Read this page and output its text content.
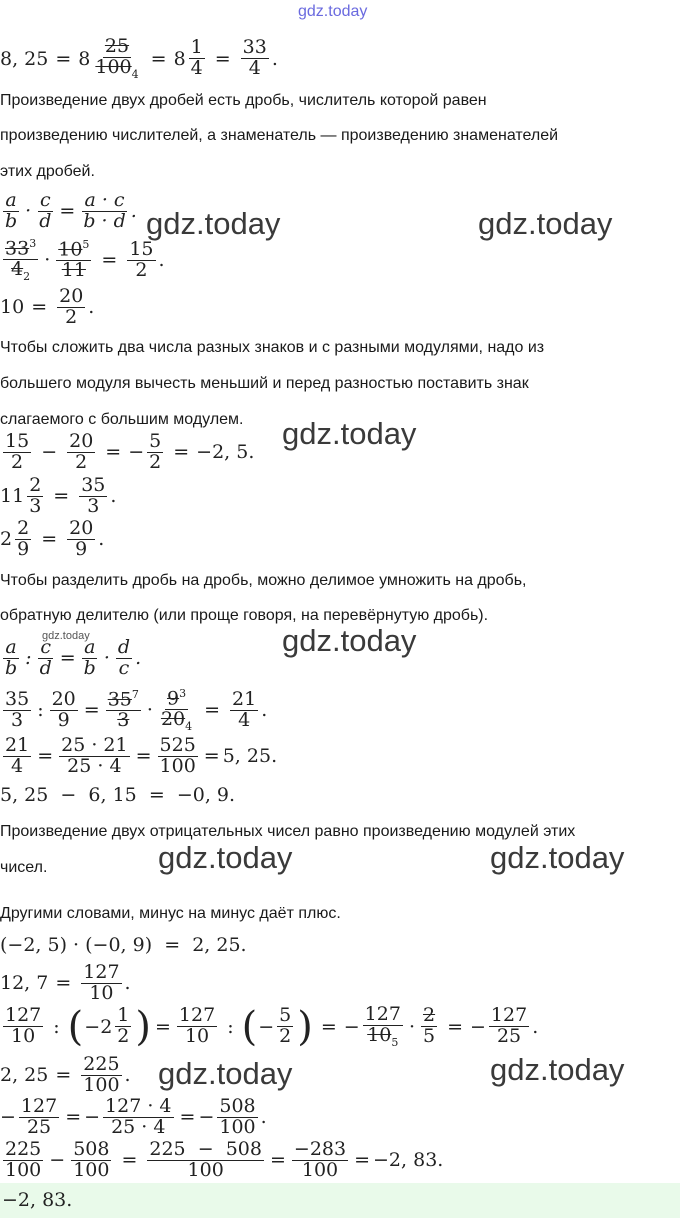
gdz.today
gdz.today	gdz.today
gdz.today
gdz.today	gdz.today
gdz.today	gdz.today
gdz.today	gdz.today
8, $25 = 8 \frac{25}{100_4} = 8 \frac{1}{4} = \frac{33}{4}$ .
Произведение двух дробей есть дробь, числитель которой равен
произведению числителей, а знаменатель — произведению знаменателей
этих дробей.
$\frac{a}{b} \cdot \frac{c}{d} = \frac{a \cdot c}{b \cdot d}$ .
$\frac{33^3}{4_2} \cdot \frac{10^5}{11} = \frac{15}{2}$ .
$10 = \frac{20}{2}$ .
Чтобы сложить два числа разных знаков и с разными модулями, надо из
большего модуля вычесть меньший и перед разностью поставить знак
слагаемого с большим модулем.
$\frac{15}{2} - \frac{20}{2}$ = − $\frac{5}{2} = -2$, 5 .
$11 \frac{2}{3} = \frac{35}{3}$ .
$2 \frac{2}{9} = \frac{20}{9}$ .
Чтобы разделить дробь на дробь, можно делимое умножить на дробь,
обратную делителю (или проще говоря, на перевёрнутую дробь).
$\frac{a}{b}$ : $\frac{c}{d} = \frac{a}{b} \cdot \frac{d}{c}$ .
$\frac{35}{3}$ : $\frac{20}{9} = \frac{35^7}{3} \cdot \frac{9^3}{20_4} = \frac{21}{4}$ .
$\frac{21}{4} = \frac{25 \cdot 21}{25 \cdot 4} = \frac{525}{100} = 5$, 25 .
5, 25  −  6, 15  =  −0, 9.
Произведение двух отрицательных чисел равно произведению модулей этих
чисел.
Другими словами, минус на минус даёт плюс.
(−2, 5) · (−0, 9)  =  2, 25.
12, $7 = \frac{127}{10}$ .
$\frac{127}{10}$ : ( $-2 \frac{1}{2}$ ) = $\frac{127}{10}$ : ( − $\frac{5}{2}$ ) = − $\frac{127}{10_5} \cdot \frac{2}{5}$ = − $\frac{127}{25}$ .
2, $25 = \frac{225}{100}$ .
− $\frac{127}{25}$ = − $\frac{127 \cdot 4}{25 \cdot 4}$ = − $\frac{508}{100}$ .
$\frac{225}{100} - \frac{508}{100} = \frac{225 - 508}{100} = \frac{-283}{100} = -2$, 83 .
−2, 83.
